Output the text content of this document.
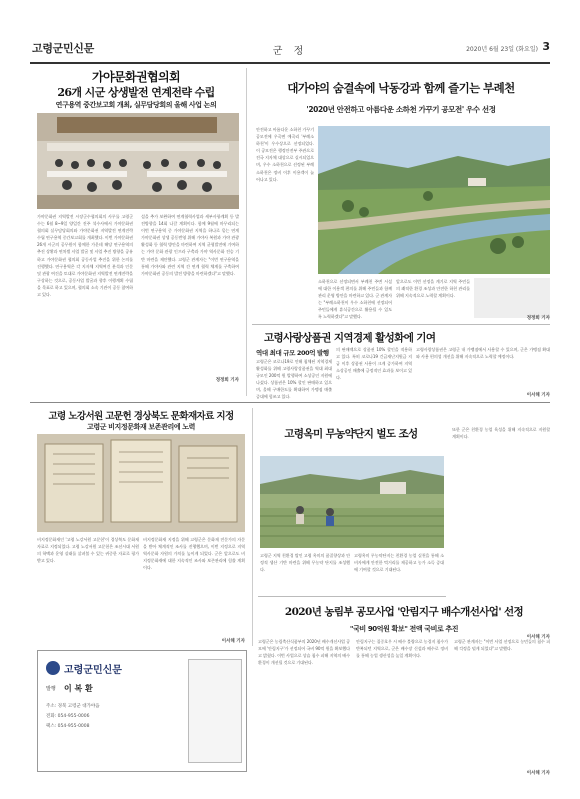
고령군민신문	군 정	2020년 6월 23일 (화요일) 3
가야문화권협의회
26개 시군 상생발전 연계전략 수립
연구용역 중간보고회 개최, 실무담당회의 올해 사업 논의
가야문화권 지역발전 시장군수협의회의 사무를 고령군수는 6월 8~9일 양일간 진주 석수사에서 가야문화권 협의회 실무담당회의와 가야문화권 지역발전 연계전략 수립 연구용역 중간보고회를 개최했다. 이번 가야문화권 26개 시군의 공무원이 함께한 가운데 해당 연구용역의 추진 상황과 연차별 사업 발굴 및 사업 추진 방향을 공유하고 가야문화권 협의회 공동사업 추진을 위한 논의를 진행했다. 연구용역은 각 지자체 지역여건 분석과 인문 및 관광 여건을 토대로 가야문화권 지역발전 연계전략을 구상하는 것으로, 공동사업 발굴과 향후 이행계획 수립을 목표로 하고 있으며, 협의회 소속 기관이 공동 참여하고 있다.
설을 추가 보완하여 연계협력사업과 세부사항계획 등 발전방향을 14회 나갈 계획이다. 함께 9월에 마무리되는 이번 연구용역 중 가야문화권 지역을 하나로 묶는 연계 가야문화권 상생 공동번영 위해 가야사 복원과 가야 관광 활성화 등 협력 방안을 마련하여 지역 균형발전에 기여하는 가야 문화 관광 인프라 구축과 가야 역사문화 전승 기반 마련을 제안했다. 고령군 관계자는 "이번 연구용역을 통해 가야사와 관련 지역 간 연계 협력 체계를 구축하여 가야문화권 공동의 발전 방향을 마련하겠다"고 말했다.
정정희 기자
대가야의 숨결속에 낙동강과 함께 즐기는 부례천
'2020년 안전하고 아름다운 소하천 가꾸기 공모전' 우수 선정
안전하고 아름다운 소하천 가꾸기 공모전에 우곡면 예곡리 '부례소하천'이 우수상으로 선정되었다. 이 공모전은 행정안전부 주관으로 전국 지자체 대상으로 실시되었으며, 우수 소하천으로 선정된 부례소하천은 정비 이후 이용객이 늘어나고 있다.
소하천으로 선정되면서 부례천 주변 시설에 대한 이용객 편의를 위해 주민들과 함께 관리 운영 방안을 마련하고 있다. 군 관계자는 "부례소하천이 우수 소하천에 선정되어 주민들에게 휴식공간으로 활용될 수 있도록 노력하겠다"고 말했다.
앞으로도 이번 선정을 계기로 지역 주민들의 쾌적한 환경 조성과 안전한 하천 관리를 위해 지속적으로 노력할 계획이다.
정정희 기자
고령사랑상품권 지역경제 활성화에 기여
역대 최대 규모 200억 발행
고령군은 코로나19로 인해 침체된 지역경제 활성화를 위해 고령사랑상품권을 역대 최대 규모인 200억 원 발행하여 소상공인 지원에 나섰다. 상품권은 10% 할인 판매하고 있으며, 올해 구매한도를 확대하여 가맹점 매출 증대에 힘쓰고 있다.
의 판매액으로 상품권 10% 할인을 적용하고 있다. 특히 코로나19 긴급재난지원금 지급 이후 상품권 사용이 크게 증가하여 지역 소상공인 매출에 긍정적인 효과를 보이고 있다.
고령사랑상품권은 고령군 내 가맹점에서 사용할 수 있으며, 군은 가맹점 확대와 사용 편의성 개선을 위해 지속적으로 노력할 예정이다.
이서해 기자
고령 노강서원 고문헌 경상북도 문화재자료 지정
고령군 비지정문화재 보존관리에 노력
비지정문화재인 '고령 노강서원 고문헌'이 경상북도 문화재자료로 지정되었다. 고령 노강서원 고문헌은 조선시대 서원의 학맥과 운영 실태를 살펴볼 수 있는 귀중한 자료로 평가받고 있다.
비지정문화재 지정을 위해 고령군은 문화재 전문가의 자문을 받아 체계적인 조사를 진행했으며, 이번 지정으로 지역 역사문화 자원의 가치를 높이게 되었다. 군은 앞으로도 비지정문화재에 대한 지속적인 조사와 보존관리에 힘쓸 계획이다.
이서해 기자
고령옥미 무농약단지 벌도 조성
고령군 지역 친환경 쌀인 고령 옥미의 품질향상과 안정적 생산 기반 마련을 위해 무농약 단지를 조성했다.
고령옥미 무농약단지는 친환경 농업 실천을 통해 소비자에게 안전한 먹거리를 제공하고 농가 소득 증대에 기여할 것으로 기대된다.
또한 군은 친환경 농업 육성을 위해 지속적으로 지원할 계획이다.
이서해 기자
2020년 농림부 공모사업 '안림지구 배수개선사업' 선정
"국비 90억원 확보" 전액 국비로 추진
고령군은 농림축산식품부의 2020년 배수개선사업 공모에 '안림지구'가 선정되어 국비 90억 원을 확보했다고 밝혔다. 이번 사업으로 상습 침수 피해 지역의 배수 환경이 개선될 것으로 기대된다.
안림지구는 집중호우 시 배수 불량으로 농경지 침수가 반복되던 지역으로, 군은 배수장 신설과 배수로 정비를 통해 농업 생산성을 높일 계획이다.
고령군 관계자는 "이번 사업 선정으로 농민들의 침수 피해 걱정을 덜게 되었다"고 말했다.
이서해 기자
고령군민신문
발행 이 복 환
주소: 경북 고령군 대가야읍
전화: 054-955-0006
팩스: 054-955-0008
